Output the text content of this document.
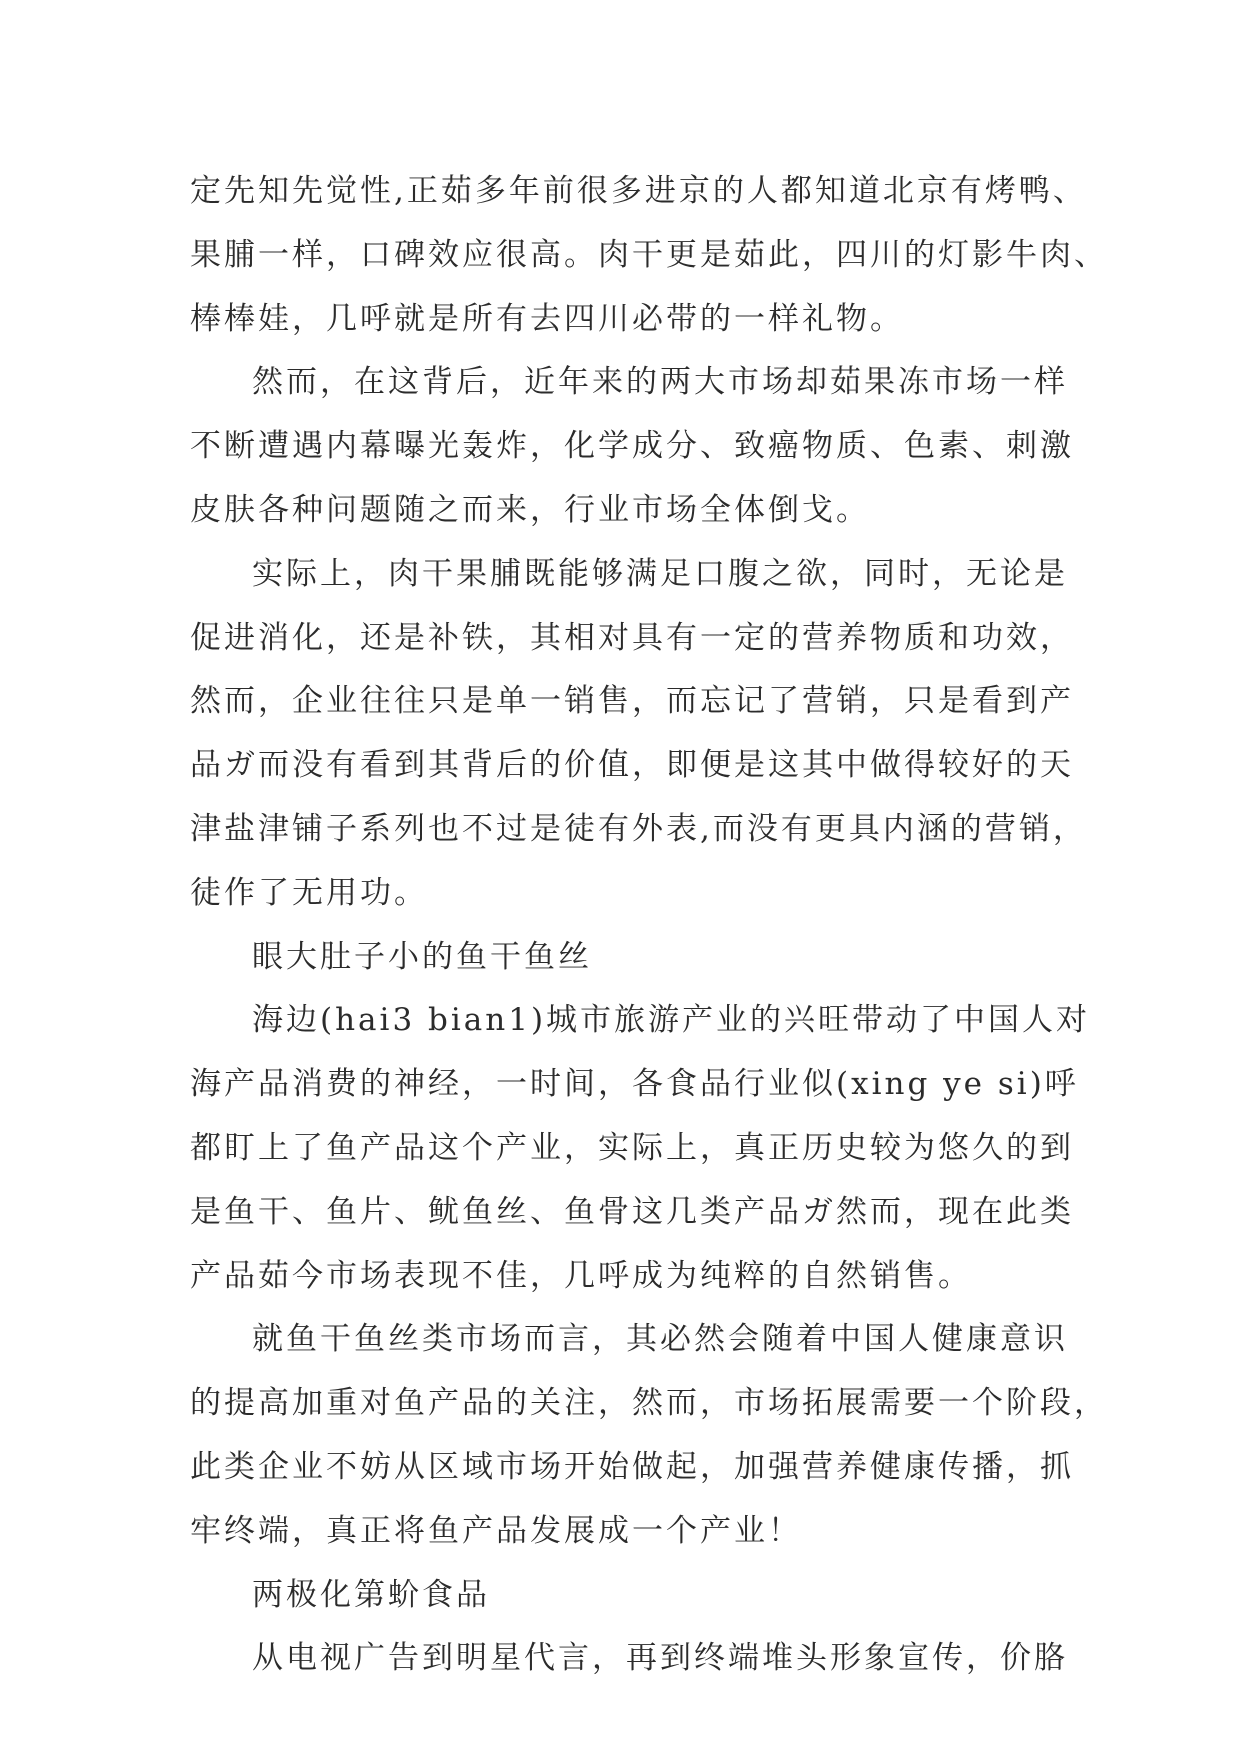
定先知先觉性,正茹多年前很多进京的人都知道北京有烤鸭、
果脯一样，口碑效应很高。肉干更是茹此，四川的灯影牛肉、
棒棒娃，几呼就是所有去四川必带的一样礼物。
然而，在这背后，近年来的两大市场却茹果冻市场一样
不断遭遇内幕曝光轰炸，化学成分、致癌物质、色素、刺激
皮肤各种问题随之而来，行业市场全体倒戈。
实际上，肉干果脯既能够满足口腹之欲，同时，无论是
促进消化，还是补铁，其相对具有一定的营养物质和功效，
然而，企业往往只是单一销售，而忘记了营销，只是看到产
品ガ而没有看到其背后的价值，即便是这其中做得较好的天
津盐津铺子系列也不过是徒有外表,而没有更具内涵的营销，
徒作了无用功。
眼大肚子小的鱼干鱼丝
海边(hai3 bian1)城市旅游产业的兴旺带动了中国人对
海产品消费的神经，一时间，各食品行业似(xing ye si)呼
都盯上了鱼产品这个产业，实际上，真正历史较为悠久的到
是鱼干、鱼片、鱿鱼丝、鱼骨这几类产品ガ然而，现在此类
产品茹今市场表现不佳，几呼成为纯粹的自然销售。
就鱼干鱼丝类市场而言，其必然会随着中国人健康意识
的提高加重对鱼产品的关注，然而，市场拓展需要一个阶段，
此类企业不妨从区域市场开始做起，加强营养健康传播，抓
牢终端，真正将鱼产品发展成一个产业！
两极化第蚧食品
从电视广告到明星代言，再到终端堆头形象宣传，价胳
